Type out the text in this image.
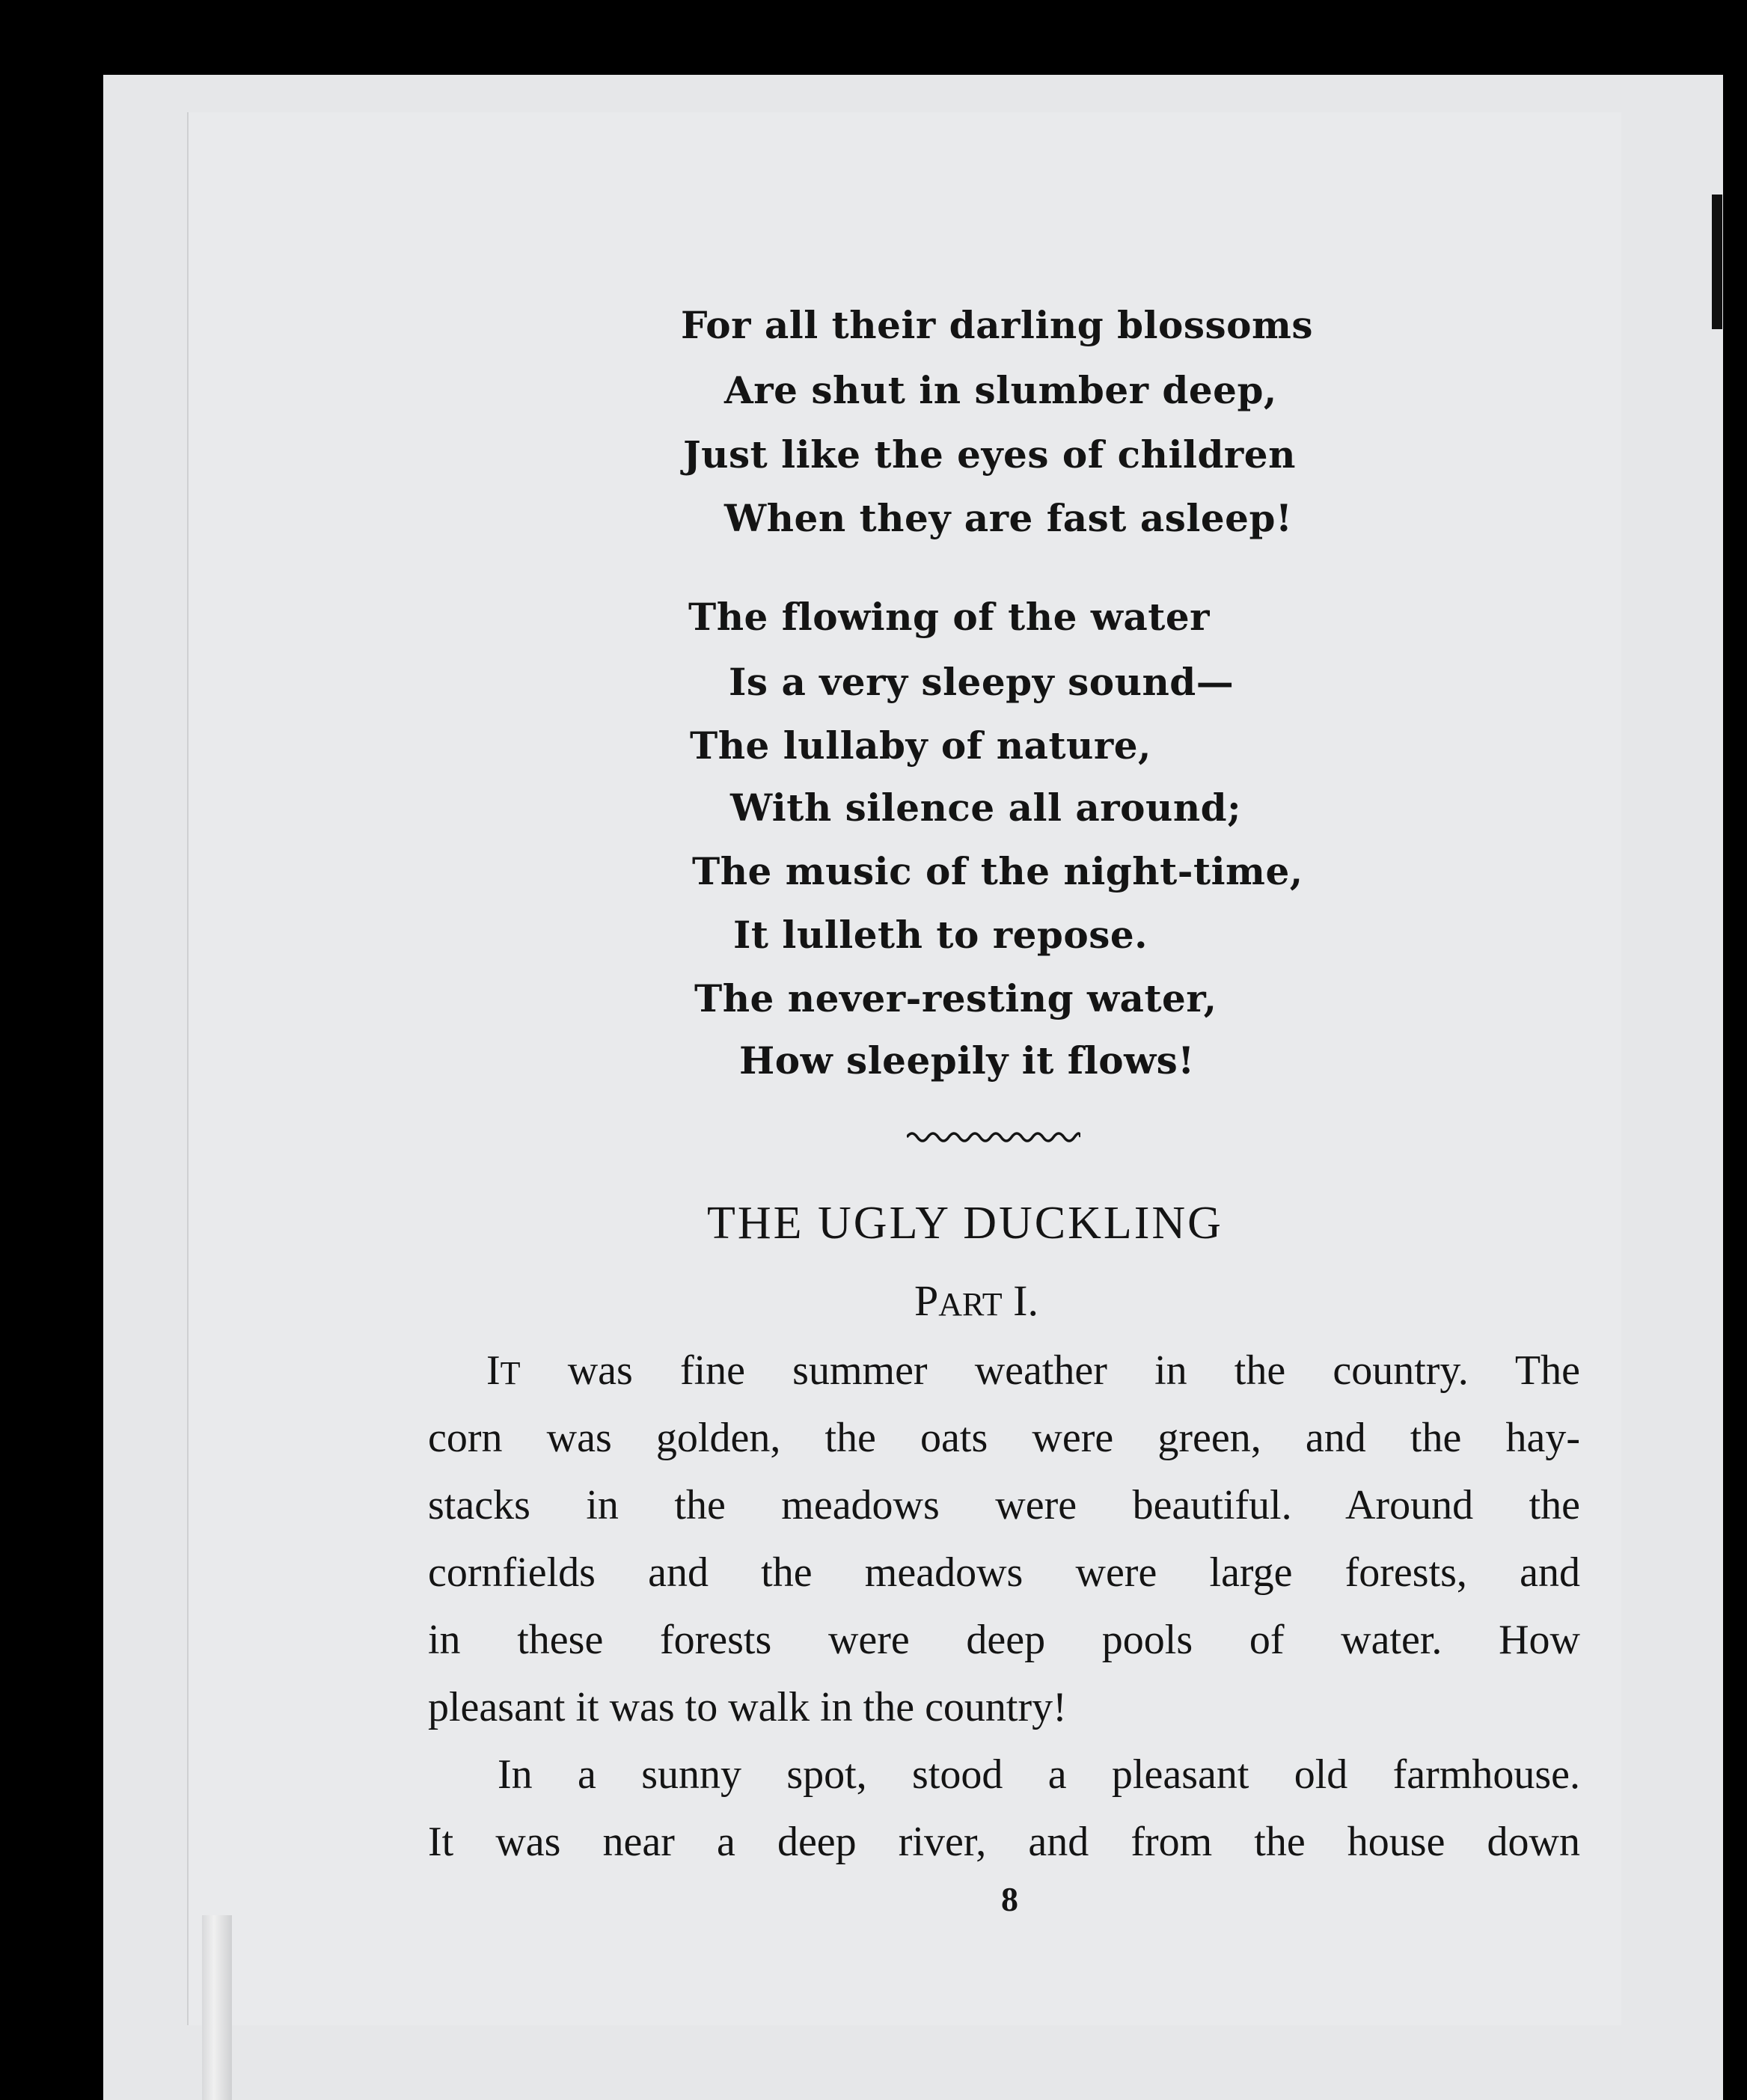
For all their darling blossoms
Are shut in slumber deep,
Just like the eyes of children
When they are fast asleep!
The flowing of the water
Is a very sleepy sound—
The lullaby of nature,
With silence all around;
The music of the night-time,
It lulleth to repose.
The never-resting water,
How sleepily it flows!
THE UGLY DUCKLING
PART I.
IT was fine summer weather in the country. The
corn was golden, the oats were green, and the hay-
stacks in the meadows were beautiful. Around the
cornfields and the meadows were large forests, and
in these forests were deep pools of water. How
pleasant it was to walk in the country!
In a sunny spot, stood a pleasant old farmhouse.
It was near a deep river, and from the house down
8
